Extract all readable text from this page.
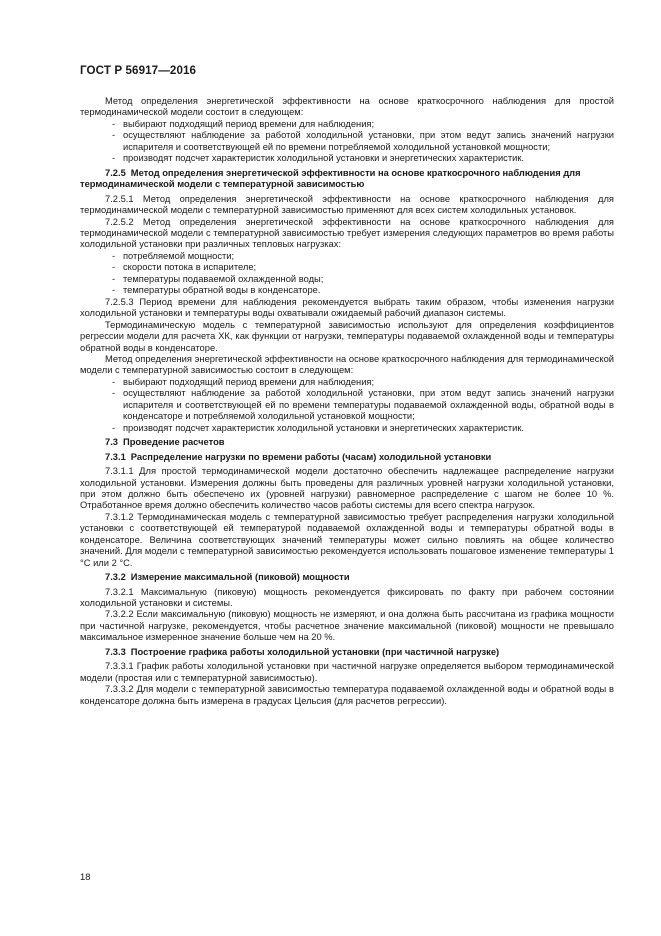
ГОСТ Р 56917—2016

Метод определения энергетической эффективности на основе краткосрочного наблюдения для простой термодинамической модели состоит в следующем:

- выбирают подходящий период времени для наблюдения;

- осуществляют наблюдение за работой холодильной установки, при этом ведут запись значений нагрузки испарителя и соответствующей ей по времени потребляемой холодильной установкой мощности;

- производят подсчет характеристик холодильной установки и энергетических характеристик.

7.2.5 Метод определения энергетической эффективности на основе краткосрочного наблюдения для термодинамической модели с температурной зависимостью

7.2.5.1 Метод определения энергетической эффективности на основе краткосрочного наблюдения для термодинамической модели с температурной зависимостью применяют для всех систем холодильных установок.

7.2.5.2 Метод определения энергетической эффективности на основе краткосрочного наблюдения для термодинамической модели с температурной зависимостью требует измерения следующих параметров во время работы холодильной установки при различных тепловых нагрузках:

- потребляемой мощности;

- скорости потока в испарителе;

- температуры подаваемой охлажденной воды;

- температуры обратной воды в конденсаторе.

7.2.5.3 Период времени для наблюдения рекомендуется выбрать таким образом, чтобы изменения нагрузки холодильной установки и температуры воды охватывали ожидаемый рабочий диапазон системы.

Термодинамическую модель с температурной зависимостью используют для определения коэффициентов регрессии модели для расчета ХК, как функции от нагрузки, температуры подаваемой охлажденной воды и температуры обратной воды в конденсаторе.

Метод определения энергетической эффективности на основе краткосрочного наблюдения для термодинамической модели с температурной зависимостью состоит в следующем:

- выбирают подходящий период времени для наблюдения;

- осуществляют наблюдение за работой холодильной установки, при этом ведут запись значений нагрузки испарителя и соответствующей ей по времени температуры подаваемой охлажденной воды, обратной воды в конденсаторе и потребляемой холодильной установкой мощности;

- производят подсчет характеристик холодильной установки и энергетических характеристик.

7.3 Проведение расчетов

7.3.1 Распределение нагрузки по времени работы (часам) холодильной установки

7.3.1.1 Для простой термодинамической модели достаточно обеспечить надлежащее распределение нагрузки холодильной установки. Измерения должны быть проведены для различных уровней нагрузки холодильной установки, при этом должно быть обеспечено их (уровней нагрузки) равномерное распределение с шагом не более 10 %. Отработанное время должно обеспечить количество часов работы системы для всего спектра нагрузок.

7.3.1.2 Термодинамическая модель с температурной зависимостью требует распределения нагрузки холодильной установки с соответствующей ей температурой подаваемой охлажденной воды и температуры обратной воды в конденсаторе. Величина соответствующих значений температуры может сильно повлиять на общее количество значений. Для модели с температурной зависимостью рекомендуется использовать пошаговое изменение температуры 1 °С или 2 °С.

7.3.2 Измерение максимальной (пиковой) мощности

7.3.2.1 Максимальную (пиковую) мощность рекомендуется фиксировать по факту при рабочем состоянии холодильной установки и системы.

7.3.2.2 Если максимальную (пиковую) мощность не измеряют, и она должна быть рассчитана из графика мощности при частичной нагрузке, рекомендуется, чтобы расчетное значение максимальной (пиковой) мощности не превышало максимальное измеренное значение больше чем на 20 %.

7.3.3 Построение графика работы холодильной установки (при частичной нагрузке)

7.3.3.1 График работы холодильной установки при частичной нагрузке определяется выбором термодинамической модели (простая или с температурной зависимостью).

7.3.3.2 Для модели с температурной зависимостью температура подаваемой охлажденной воды и обратной воды в конденсаторе должна быть измерена в градусах Цельсия (для расчетов регрессии).

18
